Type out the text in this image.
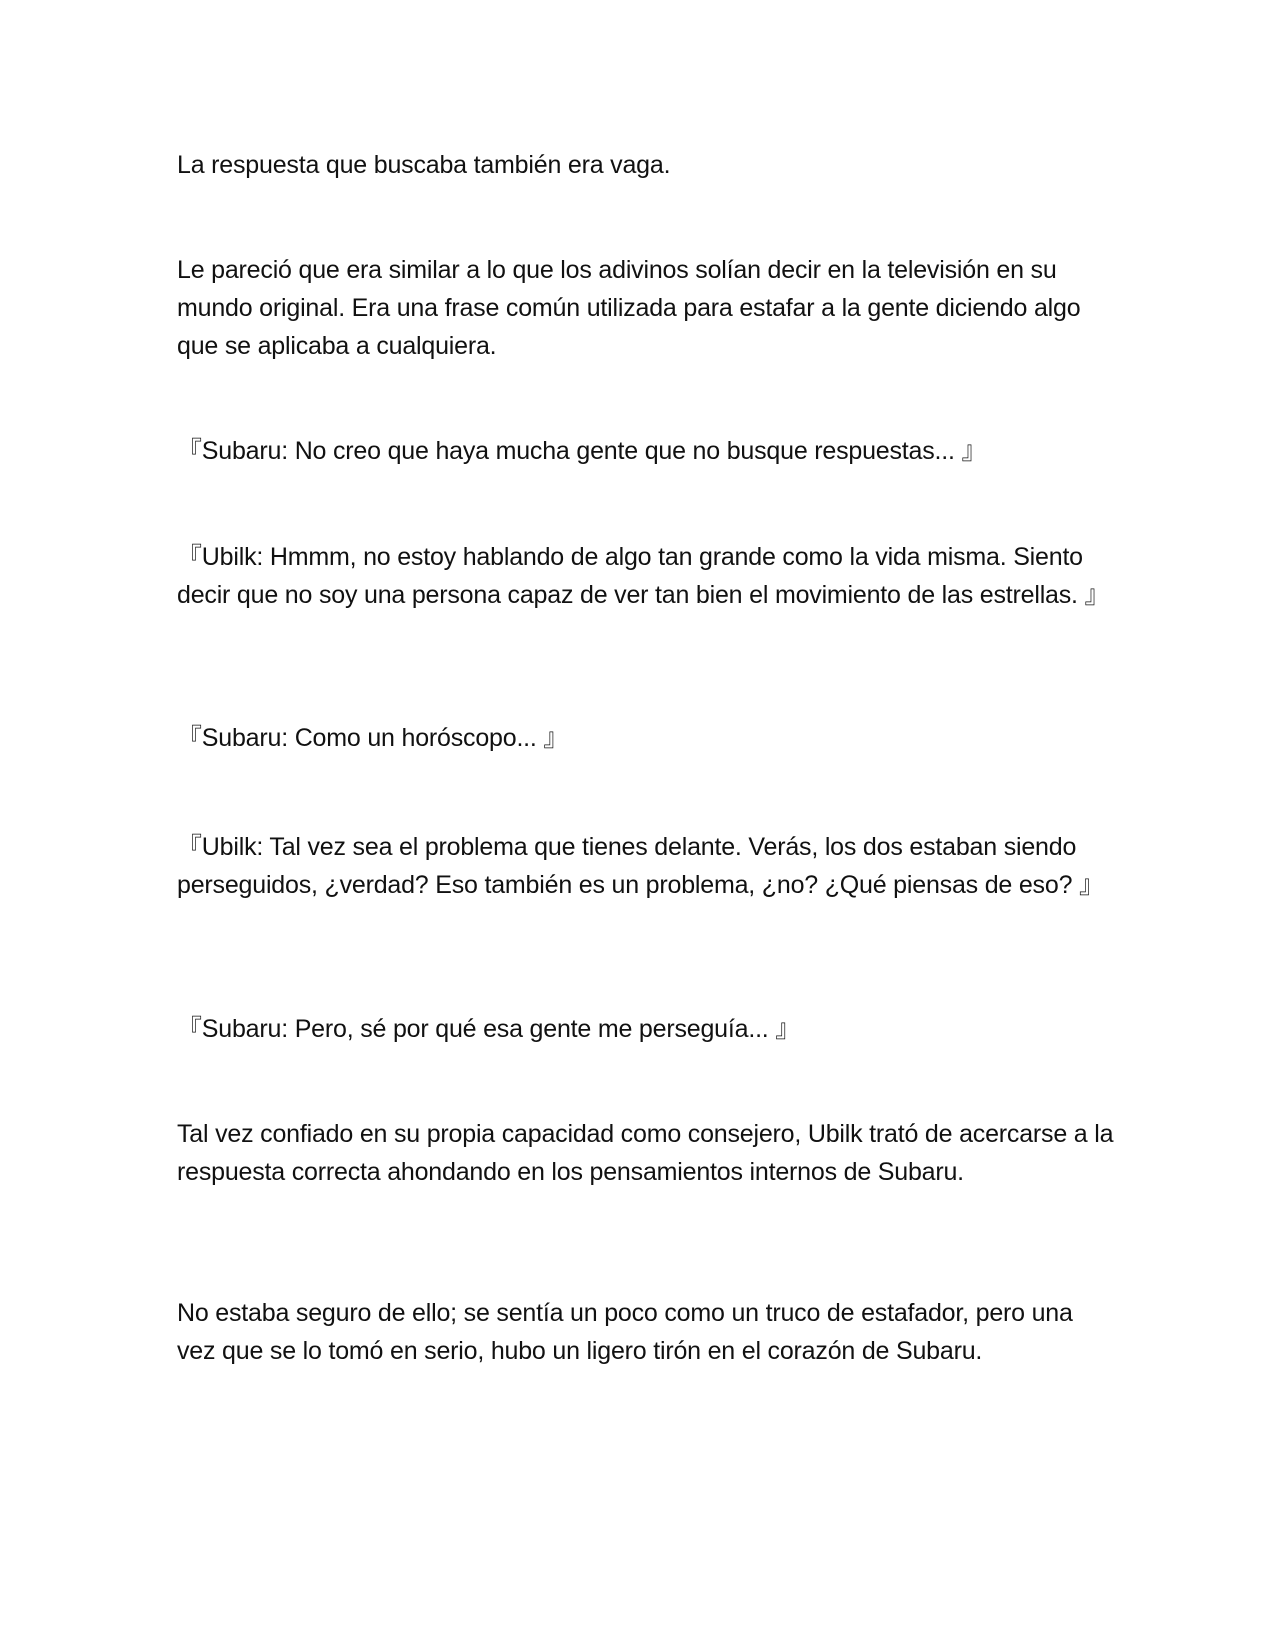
La respuesta que buscaba también era vaga.

Le pareció que era similar a lo que los adivinos solían decir en la televisión en su mundo original. Era una frase común utilizada para estafar a la gente diciendo algo que se aplicaba a cualquiera.

『Subaru: No creo que haya mucha gente que no busque respuestas... 』

『Ubilk: Hmmm, no estoy hablando de algo tan grande como la vida misma. Siento decir que no soy una persona capaz de ver tan bien el movimiento de las estrellas. 』

『Subaru: Como un horóscopo... 』

『Ubilk: Tal vez sea el problema que tienes delante. Verás, los dos estaban siendo perseguidos, ¿verdad? Eso también es un problema, ¿no? ¿Qué piensas de eso? 』

『Subaru: Pero, sé por qué esa gente me perseguía... 』

Tal vez confiado en su propia capacidad como consejero, Ubilk trató de acercarse a la respuesta correcta ahondando en los pensamientos internos de Subaru.

No estaba seguro de ello; se sentía un poco como un truco de estafador, pero una vez que se lo tomó en serio, hubo un ligero tirón en el corazón de Subaru.
